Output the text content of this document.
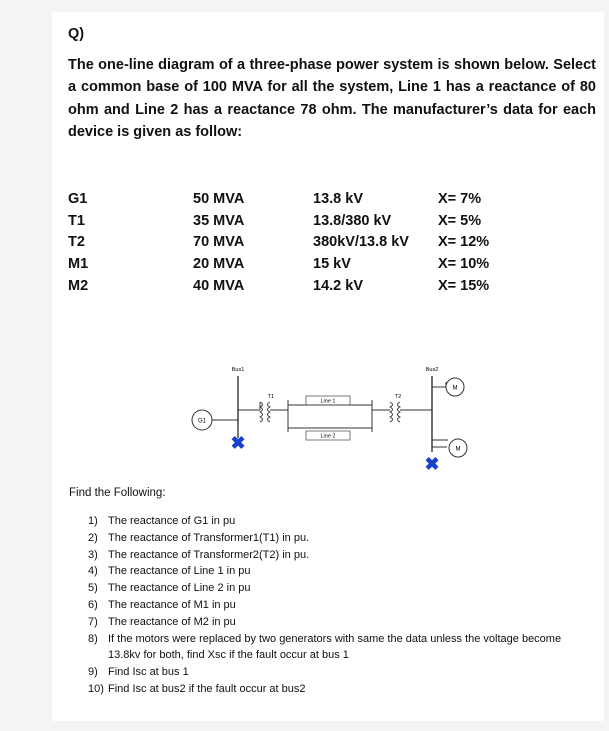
Q)

The one-line diagram of a three-phase power system is shown below. Select a common base of 100 MVA for all the system, Line 1 has a reactance of 80 ohm and Line 2 has a reactance 78 ohm. The manufacturer’s data for each device is given as follow:

G1	50 MVA	13.8 kV	X= 7%
T1	35 MVA	13.8/380 kV	X= 5%
T2	70 MVA	380kV/13.8 kV	X= 12%
M1	20 MVA	15 kV	X= 10%
M2	40 MVA	14.2 kV	X= 15%
G1
Bus1
✖
T1
Line 1
Line 2
T2
Bus2
M
M
✖

Find the Following:

1) The reactance of G1 in pu
2) The reactance of Transformer1(T1) in pu.
3) The reactance of Transformer2(T2) in pu.
4) The reactance of Line 1 in pu
5) The reactance of Line 2 in pu
6) The reactance of M1 in pu
7) The reactance of M2 in pu
8) If the motors were replaced by two generators with same the data unless the voltage become 13.8kv for both, find Xsc if the fault occur at bus 1
9) Find Isc at bus 1
10) Find Isc at bus2 if the fault occur at bus2
